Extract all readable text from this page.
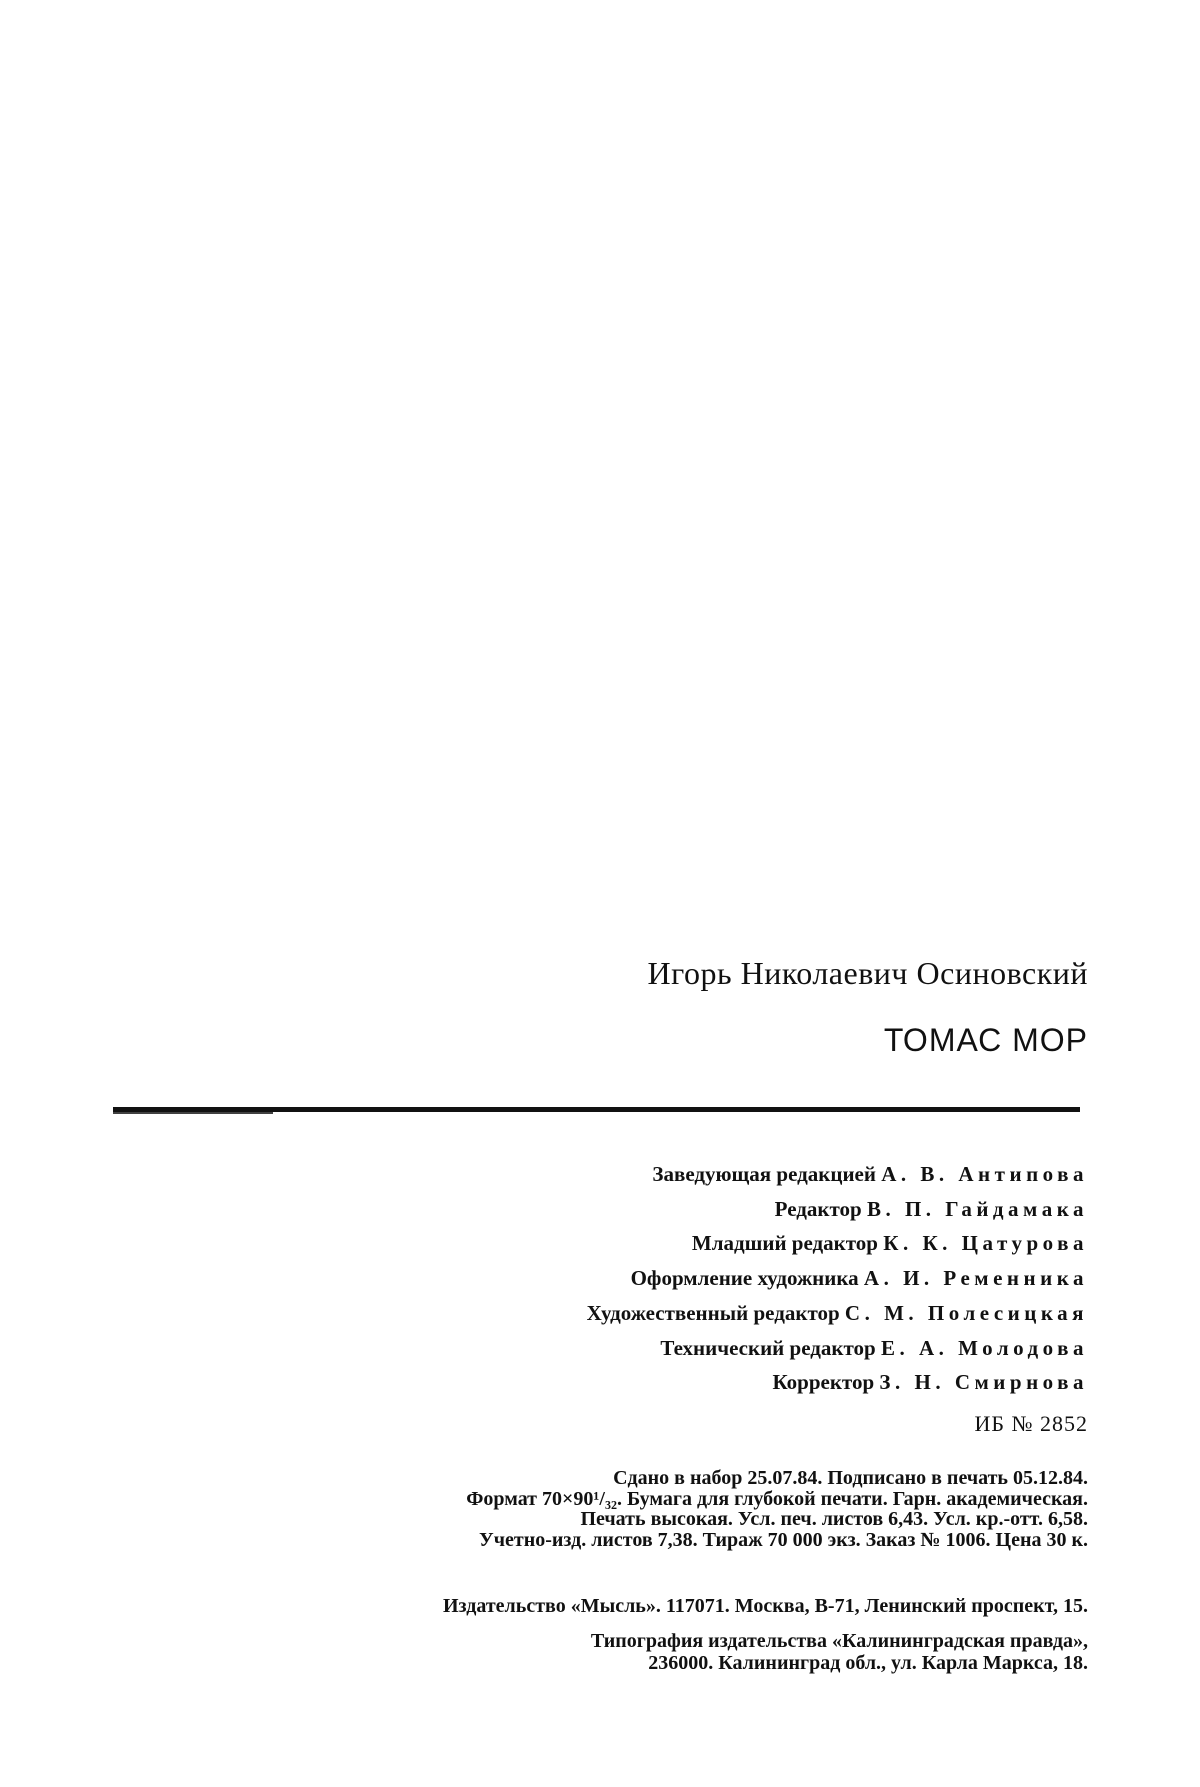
Игорь Николаевич Осиновский
ТОМАС МОР
Заведующая редакцией А. В. Антипова
Редактор В. П. Гайдамака
Младший редактор К. К. Цатурова
Оформление художника А. И. Ременника
Художественный редактор С. М. Полесицкая
Технический редактор Е. А. Молодова
Корректор З. Н. Смирнова
ИБ № 2852
Сдано в набор 25.07.84. Подписано в печать 05.12.84.
Формат 70×90¹/₃₂. Бумага для глубокой печати. Гарн. академическая.
Печать высокая. Усл. печ. листов 6,43. Усл. кр.-отт. 6,58.
Учетно-изд. листов 7,38. Тираж 70 000 экз. Заказ № 1006. Цена 30 к.
Издательство «Мысль». 117071. Москва, В-71, Ленинский проспект, 15.
Типография издательства «Калининградская правда»,
236000. Калининград обл., ул. Карла Маркса, 18.
